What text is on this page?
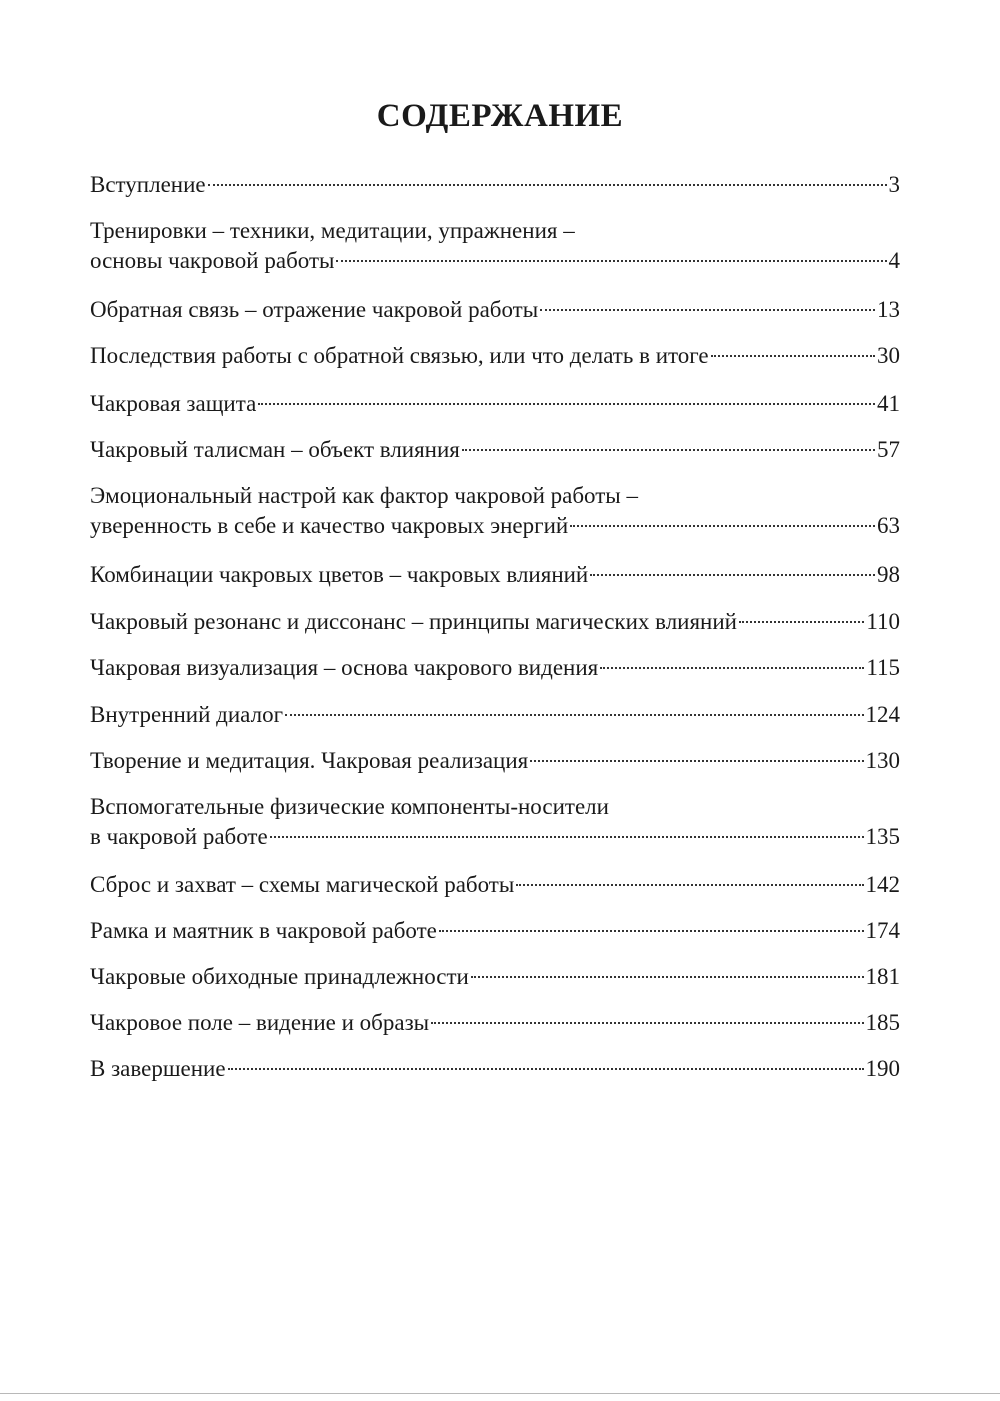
СОДЕРЖАНИЕ
Вступление	3
Тренировки – техники, медитации, упражнения –
основы чакровой работы	4
Обратная связь – отражение чакровой работы	13
Последствия работы с обратной связью, или что делать в итоге	30
Чакровая защита	41
Чакровый талисман – объект влияния	57
Эмоциональный настрой как фактор чакровой работы –
уверенность в себе и качество чакровых энергий	63
Комбинации чакровых цветов – чакровых влияний	98
Чакровый резонанс и диссонанс – принципы магических влияний	110
Чакровая визуализация – основа чакрового видения	115
Внутренний диалог	124
Творение и медитация. Чакровая реализация	130
Вспомогательные физические компоненты-носители
в чакровой работе	135
Сброс и захват – схемы магической работы	142
Рамка и маятник в чакровой работе	174
Чакровые обиходные принадлежности	181
Чакровое поле – видение и образы	185
В завершение	190
